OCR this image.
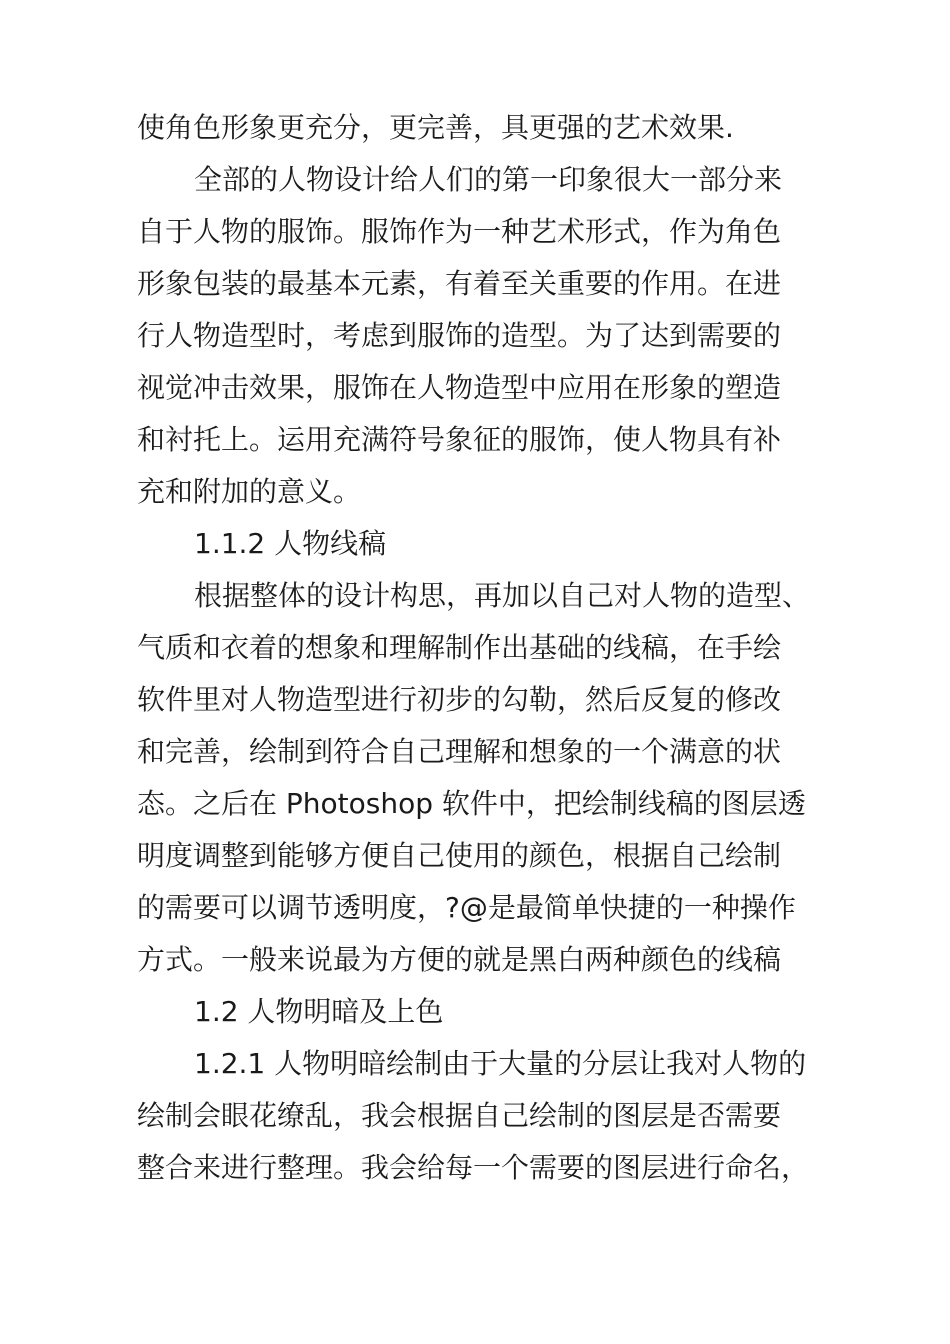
使角色形象更充分，更完善，具更强的艺术效果.
全部的人物设计给人们的第一印象很大一部分来
自于人物的服饰。服饰作为一种艺术形式，作为角色
形象包装的最基本元素，有着至关重要的作用。在进
行人物造型时，考虑到服饰的造型。为了达到需要的
视觉冲击效果，服饰在人物造型中应用在形象的塑造
和衬托上。运用充满符号象征的服饰，使人物具有补
充和附加的意义。
1.1.2 人物线稿
根据整体的设计构思，再加以自己对人物的造型、
气质和衣着的想象和理解制作出基础的线稿，在手绘
软件里对人物造型进行初步的勾勒，然后反复的修改
和完善，绘制到符合自己理解和想象的一个满意的状
态。之后在 Photoshop 软件中，把绘制线稿的图层透
明度调整到能够方便自己使用的颜色，根据自己绘制
的需要可以调节透明度，?@是最简单快捷的一种操作
方式。一般来说最为方便的就是黑白两种颜色的线稿
1.2 人物明暗及上色
1.2.1 人物明暗绘制由于大量的分层让我对人物的
绘制会眼花缭乱，我会根据自己绘制的图层是否需要
整合来进行整理。我会给每一个需要的图层进行命名，
